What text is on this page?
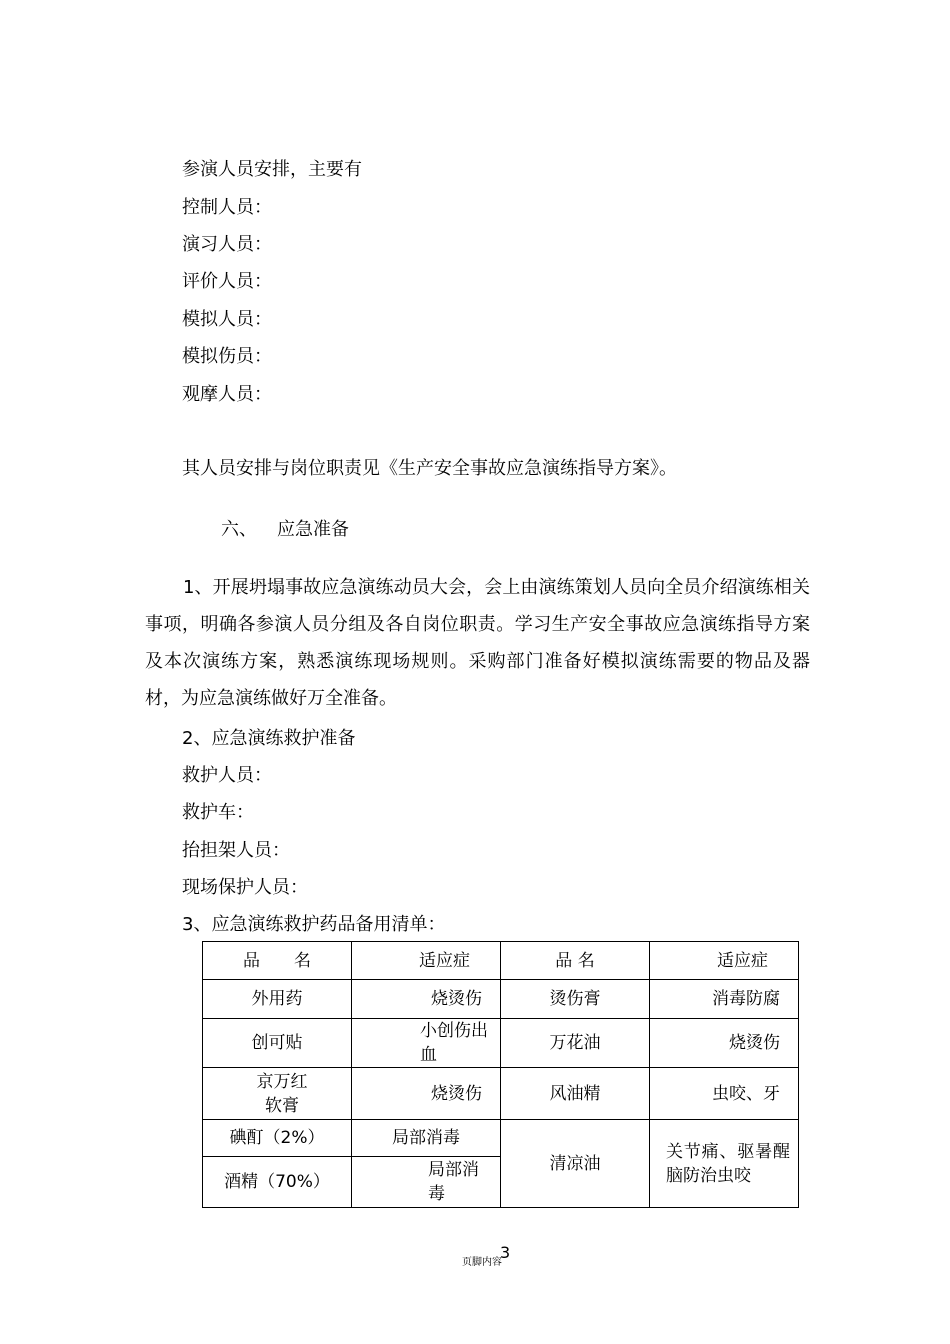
参演人员安排，主要有
控制人员：
演习人员：
评价人员：
模拟人员：
模拟伤员：
观摩人员：
其人员安排与岗位职责见《生产安全事故应急演练指导方案》。
六、 应急准备
1、开展坍塌事故应急演练动员大会，会上由演练策划人员向全员介绍演练相关事项，明确各参演人员分组及各自岗位职责。学习生产安全事故应急演练指导方案及本次演练方案，熟悉演练现场规则。采购部门准备好模拟演练需要的物品及器材，为应急演练做好万全准备。
2、应急演练救护准备
救护人员：
救护车：
抬担架人员：
现场保护人员：
3、应急演练救护药品备用清单：
品　　名	适应症	品 名	适应症
外用药	烧烫伤	烫伤膏	消毒防腐
创可贴	小创伤出血	万花油	烧烫伤
京万红软膏	烧烫伤	风油精	虫咬、牙
碘酊（2%）	局部消毒	清凉油	关节痛、驱暑醒脑防治虫咬
酒精（70%）	局部消毒		
页脚内容
3
